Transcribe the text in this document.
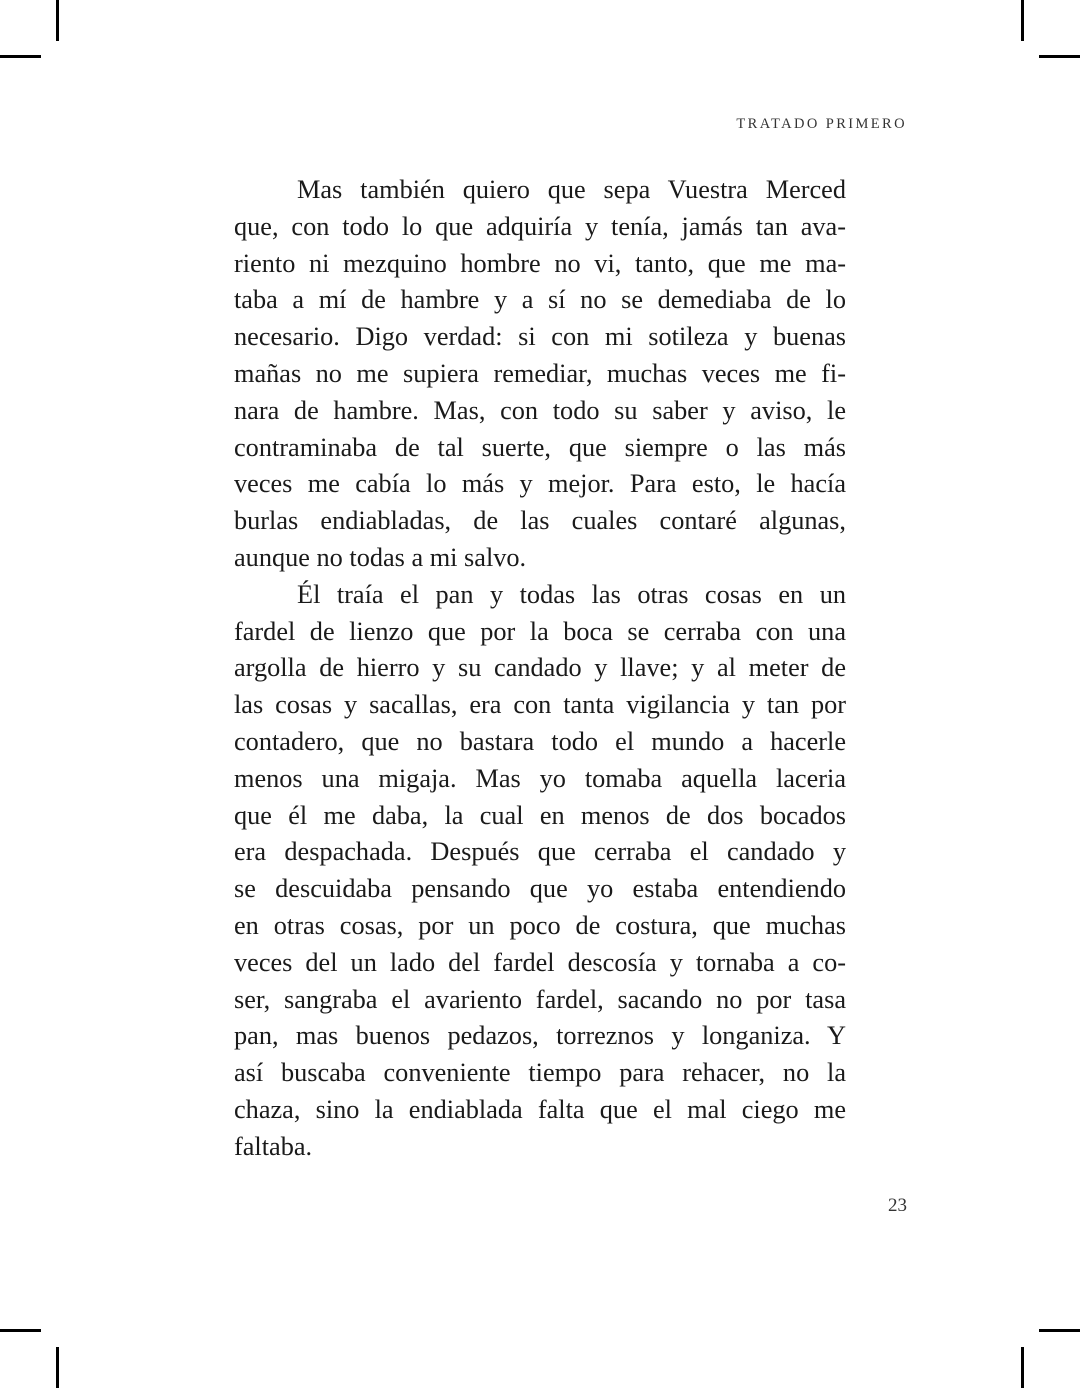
TRATADO PRIMERO
Mas también quiero que sepa Vuestra Merced
que, con todo lo que adquiría y tenía, jamás tan ava-
riento ni mezquino hombre no vi, tanto, que me ma-
taba a mí de hambre y a sí no se demediaba de lo
necesario. Digo verdad: si con mi sotileza y buenas
mañas no me supiera remediar, muchas veces me fi-
nara de hambre. Mas, con todo su saber y aviso, le
contraminaba de tal suerte, que siempre o las más
veces me cabía lo más y mejor. Para esto, le hacía
burlas endiabladas, de las cuales contaré algunas,
aunque no todas a mi salvo.
Él traía el pan y todas las otras cosas en un
fardel de lienzo que por la boca se cerraba con una
argolla de hierro y su candado y llave; y al meter de
las cosas y sacallas, era con tanta vigilancia y tan por
contadero, que no bastara todo el mundo a hacerle
menos una migaja. Mas yo tomaba aquella laceria
que él me daba, la cual en menos de dos bocados
era despachada. Después que cerraba el candado y
se descuidaba pensando que yo estaba entendiendo
en otras cosas, por un poco de costura, que muchas
veces del un lado del fardel descosía y tornaba a co-
ser, sangraba el avariento fardel, sacando no por tasa
pan, mas buenos pedazos, torreznos y longaniza. Y
así buscaba conveniente tiempo para rehacer, no la
chaza, sino la endiablada falta que el mal ciego me
faltaba.
23
